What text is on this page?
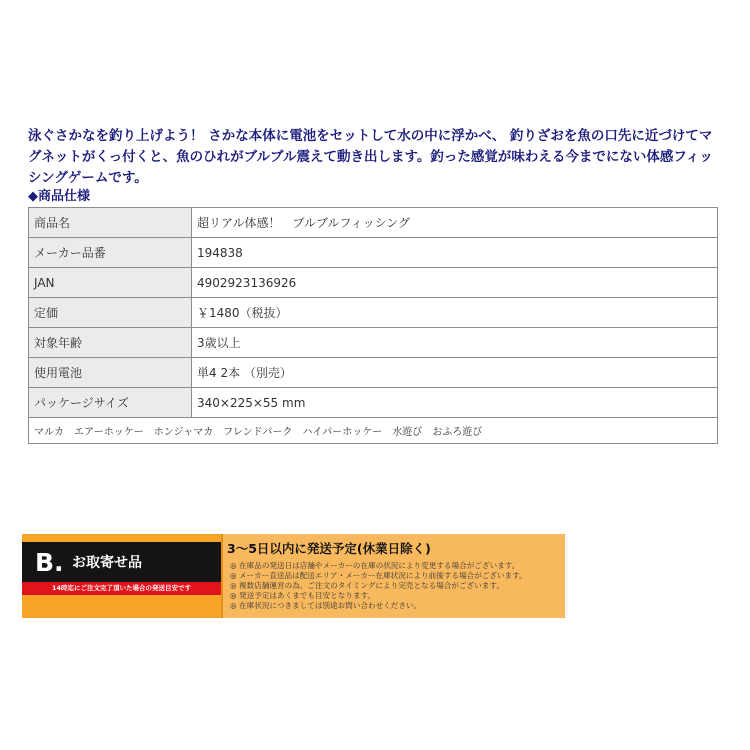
泳ぐさかなを釣り上げよう！ さかな本体に電池をセットして水の中に浮かべ、 釣りざおを魚の口先に近づけてマグネットがくっ付くと、魚のひれがブルブル震えて動き出します。釣った感覚が味わえる今までにない体感フィッシングゲームです。
◆商品仕様
商品名	超リアル体感！　ブルブルフィッシング
メーカー品番	194838
JAN	4902923136926
定価	￥1480（税抜）
対象年齢	3歳以上
使用電池	単4 2本 （別売）
パッケージサイズ	340×225×55 mm
マルカ　エアーホッケー　ホンジャマカ　フレンドパーク　ハイパーホッケー　水遊び　おふろ遊び	
B. お取寄せ品
14時迄にご注文完了頂いた場合の発送目安です
3～5日以内に発送予定(休業日除く)
◎ 在庫品の発送日は店舗やメーカーの在庫の状況により変更する場合がございます。
◎ メーカー直送品は配送エリア・メーカー在庫状況により前後する場合がございます。
◎ 複数店舗運営の為、ご注文のタイミングにより完売となる場合がございます。
◎ 発送予定はあくまでも目安となります。
◎ 在庫状況につきましては別途お問い合わせください。
